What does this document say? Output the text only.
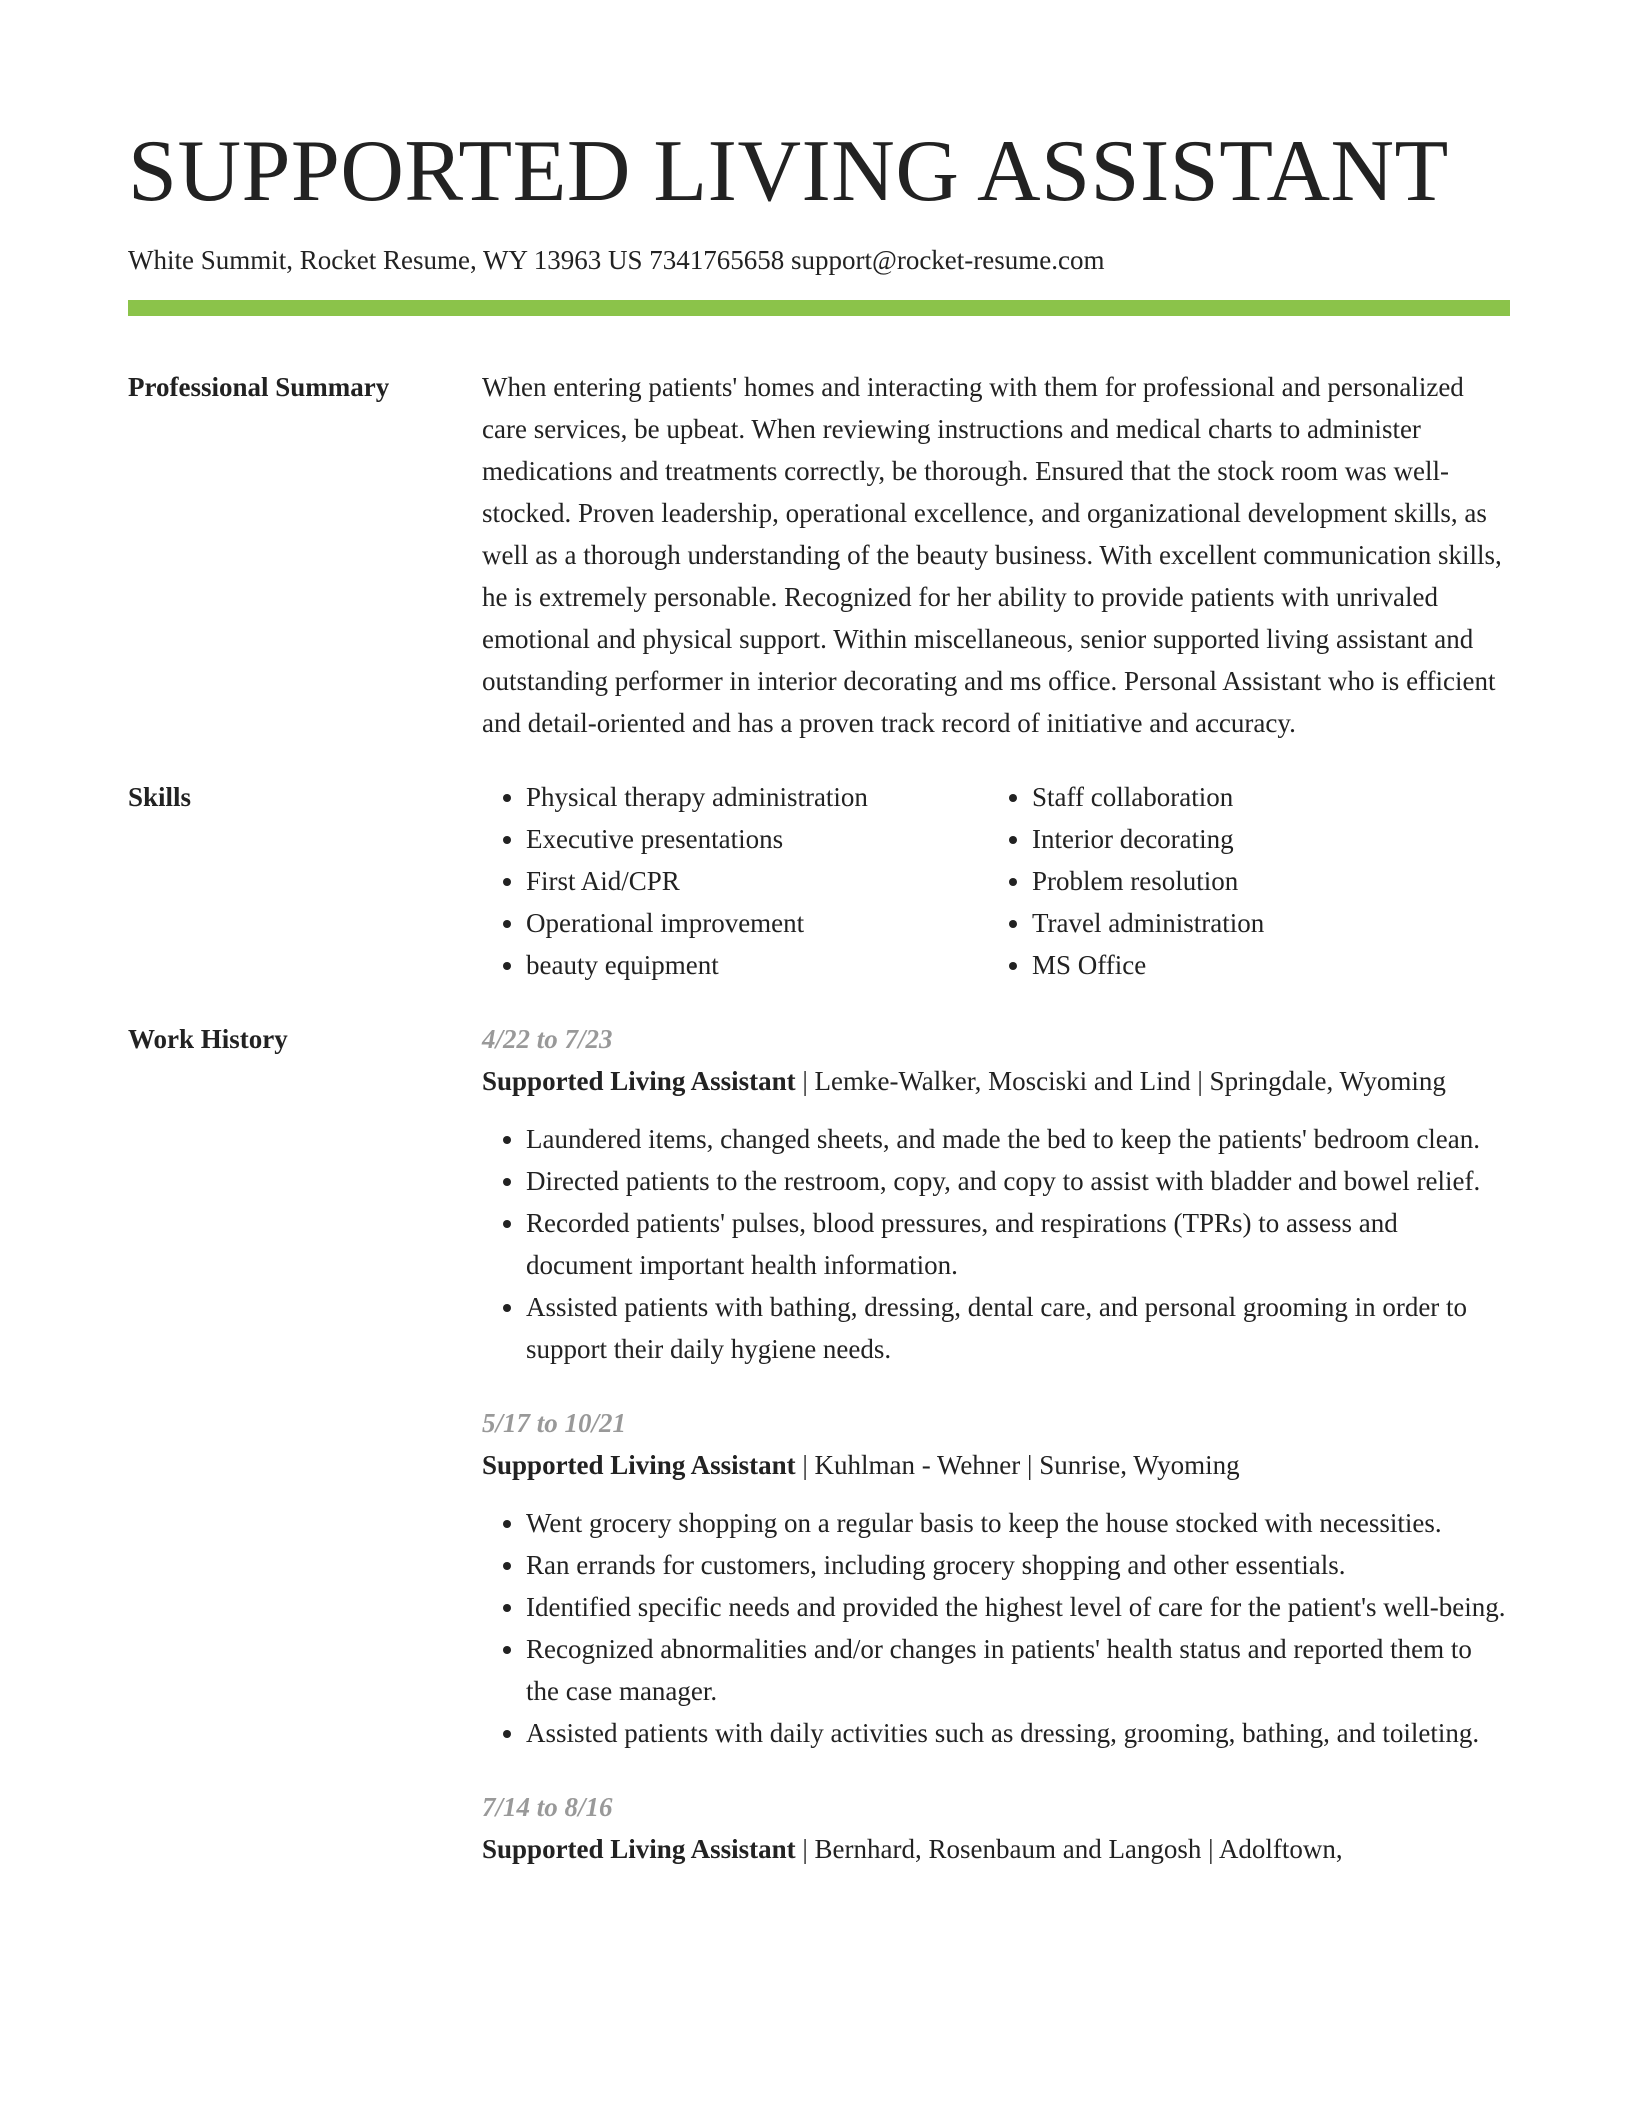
SUPPORTED LIVING ASSISTANT
White Summit, Rocket Resume, WY 13963 US 7341765658 support@rocket-resume.com
Professional Summary	When entering patients' homes and interacting with them for professional and personalized care services, be upbeat. When reviewing instructions and medical charts to administer medications and treatments correctly, be thorough. Ensured that the stock room was well-stocked. Proven leadership, operational excellence, and organizational development skills, as well as a thorough understanding of the beauty business. With excellent communication skills, he is extremely personable. Recognized for her ability to provide patients with unrivaled emotional and physical support. Within miscellaneous, senior supported living assistant and outstanding performer in interior decorating and ms office. Personal Assistant who is efficient and detail-oriented and has a proven track record of initiative and accuracy.
Skills
•	Physical therapy administration
• Executive presentations
• First Aid/CPR
• Operational improvement
• beauty equipment
• Staff collaboration
• Interior decorating
• Problem resolution
• Travel administration
• MS Office
Work History	4/22 to 7/23
Supported Living Assistant | Lemke-Walker, Mosciski and Lind | Springdale, Wyoming
• Laundered items, changed sheets, and made the bed to keep the patients' bedroom clean.
• Directed patients to the restroom, copy, and copy to assist with bladder and bowel relief.
• Recorded patients' pulses, blood pressures, and respirations (TPRs) to assess and document important health information.
• Assisted patients with bathing, dressing, dental care, and personal grooming in order to support their daily hygiene needs.
5/17 to 10/21
Supported Living Assistant | Kuhlman - Wehner | Sunrise, Wyoming
• Went grocery shopping on a regular basis to keep the house stocked with necessities.
• Ran errands for customers, including grocery shopping and other essentials.
• Identified specific needs and provided the highest level of care for the patient's well-being.
• Recognized abnormalities and/or changes in patients' health status and reported them to the case manager.
• Assisted patients with daily activities such as dressing, grooming, bathing, and toileting.
7/14 to 8/16
Supported Living Assistant | Bernhard, Rosenbaum and Langosh | Adolftown,
